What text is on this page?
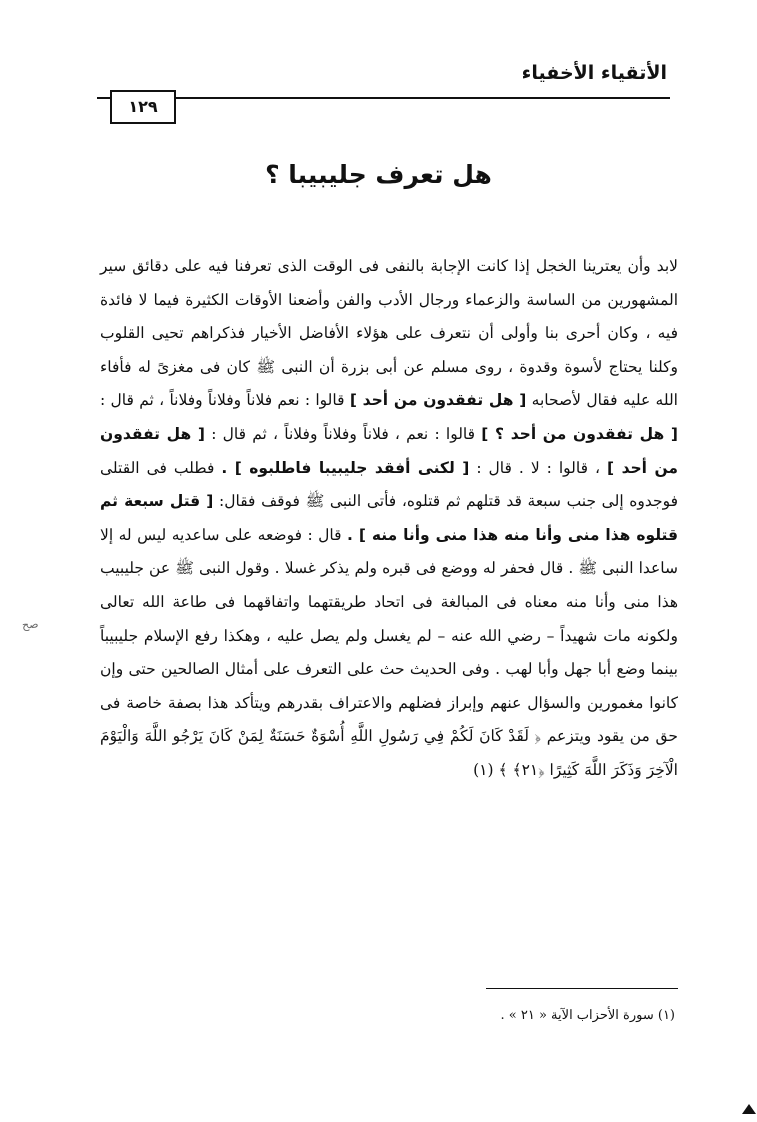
الأتقياء الأخفياء
١٢٩
هل تعرف جليبيبا ؟

لابد وأن يعترينا الخجل إذا كانت الإجابة بالنفى فى الوقت الذى تعرفنا فيه على دقائق سير المشهورين من الساسة والزعماء ورجال الأدب والفن وأضعنا الأوقات الكثيرة فيما لا فائدة فيه ، وكان أحرى بنا وأولى أن نتعرف على هؤلاء الأفاضل الأخيار فذكراهم تحيى القلوب وكلنا يحتاج لأسوة وقدوة ، روى مسلم عن أبى بزرة أن النبى ﷺ كان فى مغزىً له فأفاء الله عليه فقال لأصحابه [ هل تفقدون من أحد ] قالوا : نعم فلاناً وفلاناً وفلاناً ، ثم قال : [ هل تفقدون من أحد ؟ ] قالوا : نعم ، فلاناً وفلاناً وفلاناً ، ثم قال : [ هل تفقدون من أحد ] ، قالوا : لا . قال : [ لكنى أفقد جليبيبا فاطلبوه ] . فطلب فى القتلى فوجدوه إلى جنب سبعة قد قتلهم ثم قتلوه، فأتى النبى ﷺ فوقف فقال: [ قتل سبعة ثم قتلوه هذا منى وأنا منه هذا منى وأنا منه ] . قال : فوضعه على ساعديه ليس له إلا ساعدا النبى ﷺ . قال فحفر له ووضع فى قبره ولم يذكر غسلا . وقول النبى ﷺ عن جليبيب هذا منى وأنا منه معناه فى المبالغة فى اتحاد طريقتهما واتفاقهما فى طاعة الله تعالى ولكونه مات شهيداً – رضي الله عنه – لم يغسل ولم يصل عليه ، وهكذا رفع الإسلام جليبيباً بينما وضع أبا جهل وأبا لهب . وفى الحديث حث على التعرف على أمثال الصالحين حتى وإن كانوا مغمورين والسؤال عنهم وإبراز فضلهم والاعتراف بقدرهم ويتأكد هذا بصفة خاصة فى حق من يقود ويتزعم ﴿ لَقَدْ كَانَ لَكُمْ فِي رَسُولِ اللَّهِ أُسْوَةٌ حَسَنَةٌ لِمَنْ كَانَ يَرْجُو اللَّهَ وَالْيَوْمَ الْآخِرَ وَذَكَرَ اللَّهَ كَثِيرًا ﴿٢١﴾ ﴾ (١)

صح
(١) سورة الأحزاب الآية « ٢١ » .
